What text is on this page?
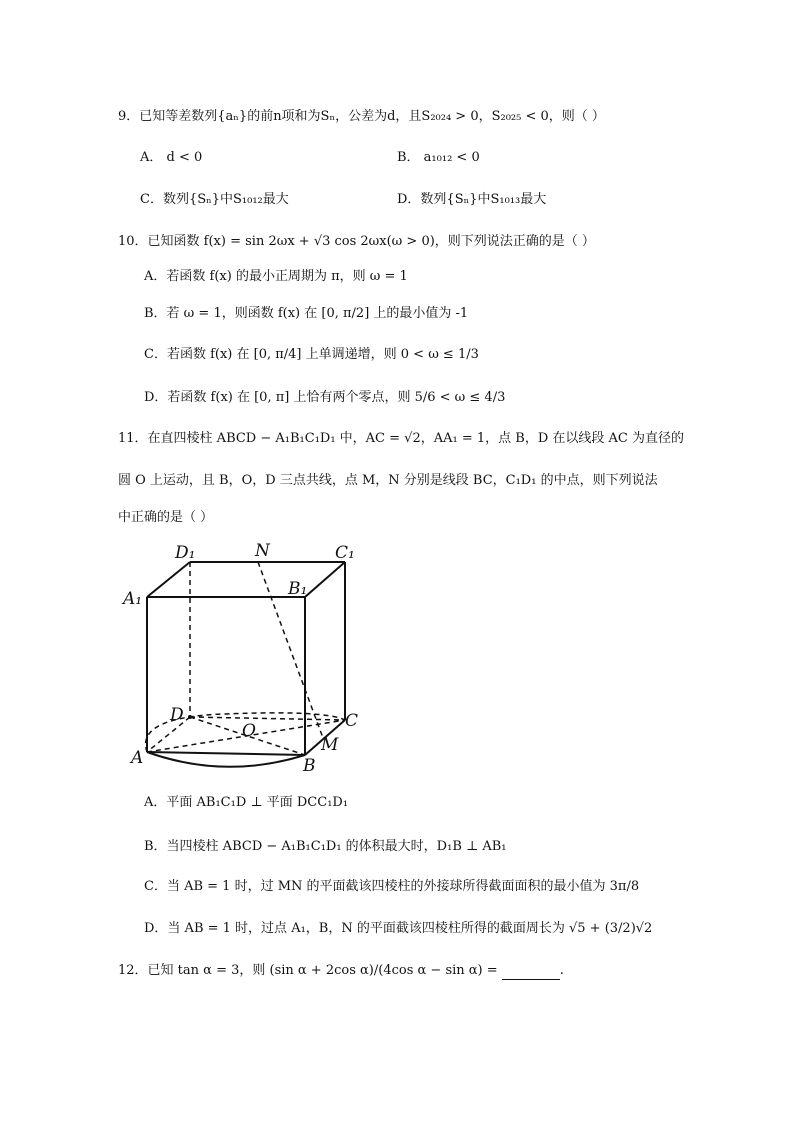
9．已知等差数列{aₙ}的前n项和为Sₙ，公差为d，且S₂₀₂₄ > 0，S₂₀₂₅ < 0，则（ ）
A． d < 0	B． a₁₀₁₂ < 0
C．数列{Sₙ}中S₁₀₁₂最大	D．数列{Sₙ}中S₁₀₁₃最大
10．已知函数 f(x) = sin 2ωx + √3 cos 2ωx(ω > 0)，则下列说法正确的是（ ）
A．若函数 f(x) 的最小正周期为 π，则 ω = 1
B．若 ω = 1，则函数 f(x) 在 [0, π/2] 上的最小值为 -1
C．若函数 f(x) 在 [0, π/4] 上单调递增，则 0 < ω ≤ 1/3
D．若函数 f(x) 在 [0, π] 上恰有两个零点，则 5/6 < ω ≤ 4/3
11．在直四棱柱 ABCD − A₁B₁C₁D₁ 中，AC = √2，AA₁ = 1，点 B，D 在以线段 AC 为直径的
圆 O 上运动，且 B，O，D 三点共线，点 M，N 分别是线段 BC，C₁D₁ 的中点，则下列说法
中正确的是（ ）
D₁	N	C₁
A₁	B₁
D
O	C
A	B
M
A．平面 AB₁C₁D ⊥ 平面 DCC₁D₁
B．当四棱柱 ABCD − A₁B₁C₁D₁ 的体积最大时，D₁B ⊥ AB₁
C．当 AB = 1 时，过 MN 的平面截该四棱柱的外接球所得截面面积的最小值为 3π/8
D．当 AB = 1 时，过点 A₁，B，N 的平面截该四棱柱所得的截面周长为 √5 + (3/2)√2
12．已知 tan α = 3，则 (sin α + 2cos α)/(4cos α − sin α) =	.
